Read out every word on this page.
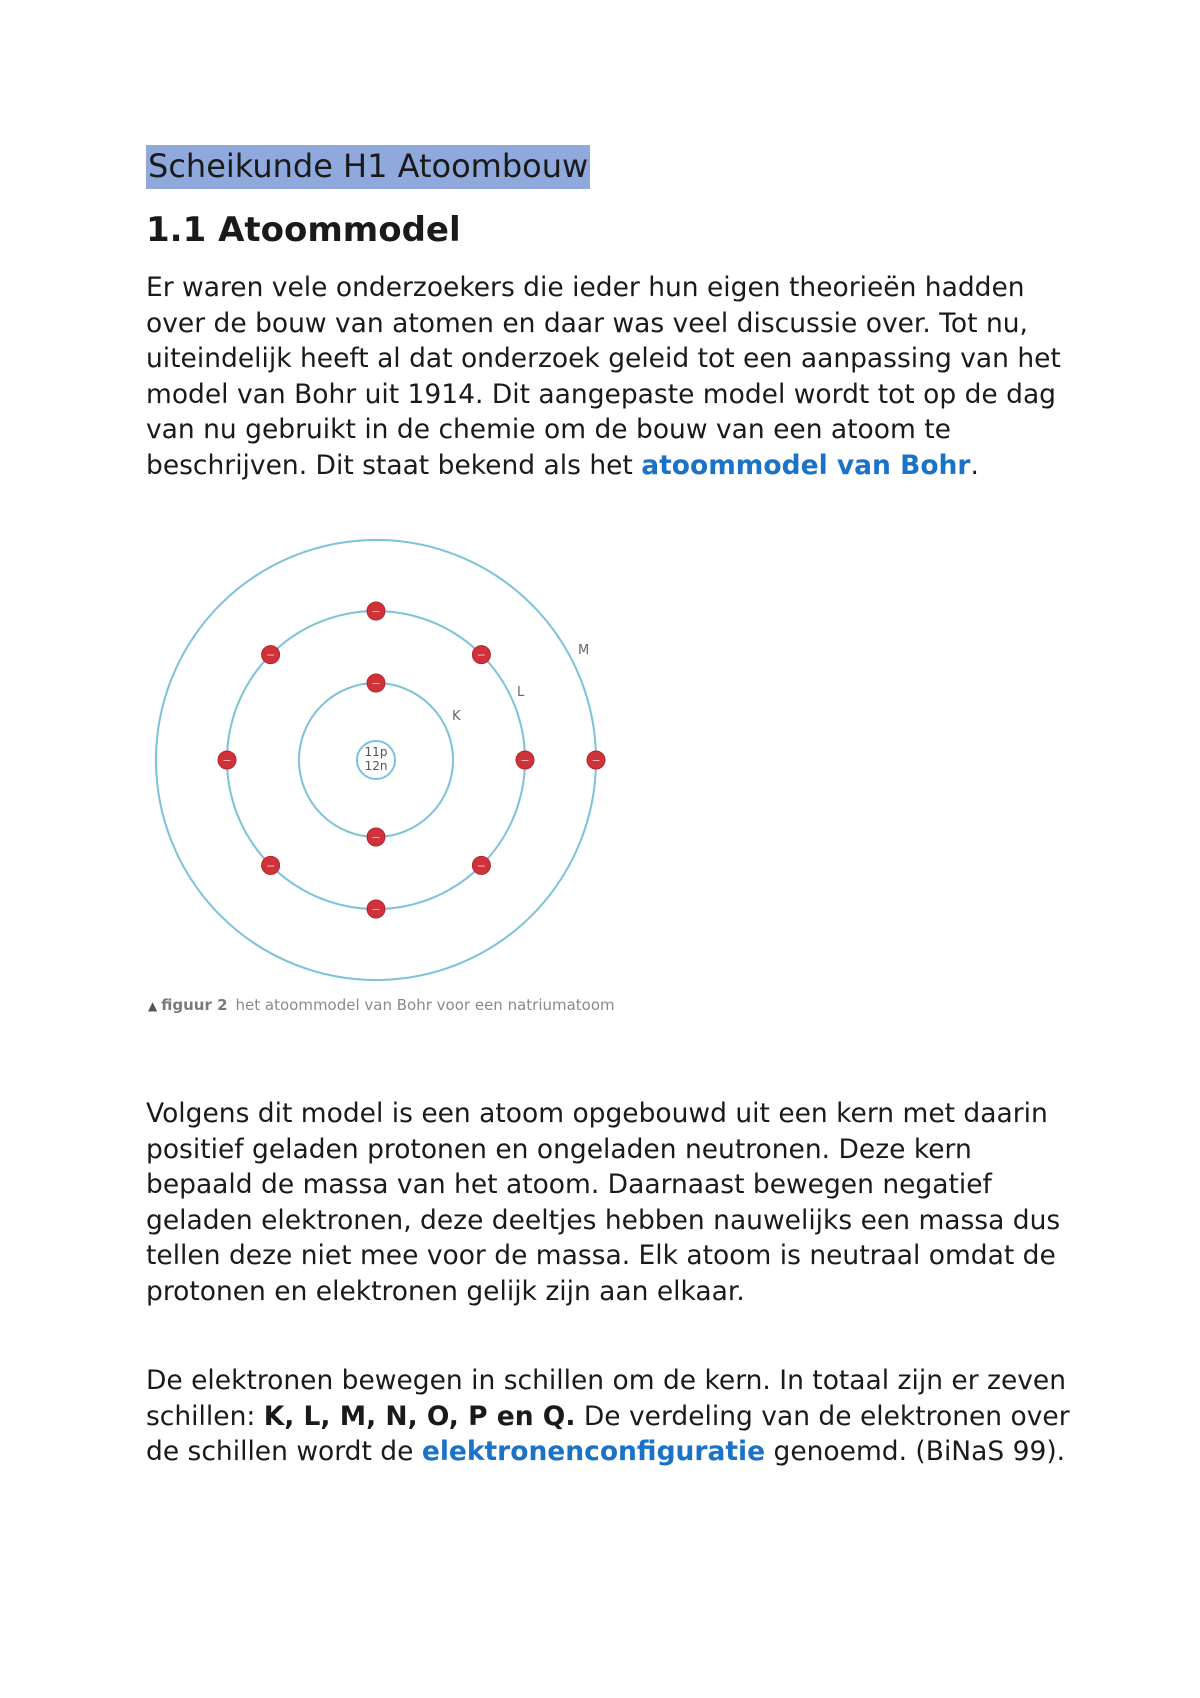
Scheikunde H1 Atoombouw
1.1 Atoommodel

Er waren vele onderzoekers die ieder hun eigen theorieën hadden over de bouw van atomen en daar was veel discussie over. Tot nu, uiteindelijk heeft al dat onderzoek geleid tot een aanpassing van het model van Bohr uit 1914. Dit aangepaste model wordt tot op de dag van nu gebruikt in de chemie om de bouw van een atoom te beschrijven. Dit staat bekend als het atoommodel van Bohr.

−
−
−
−
−
−
−
−
−
−
−
11p
12n
K
L
M
▲ figuur 2 het atoommodel van Bohr voor een natriumatoom

Volgens dit model is een atoom opgebouwd uit een kern met daarin positief geladen protonen en ongeladen neutronen. Deze kern bepaald de massa van het atoom. Daarnaast bewegen negatief geladen elektronen, deze deeltjes hebben nauwelijks een massa dus tellen deze niet mee voor de massa. Elk atoom is neutraal omdat de protonen en elektronen gelijk zijn aan elkaar.

De elektronen bewegen in schillen om de kern. In totaal zijn er zeven schillen: K, L, M, N, O, P en Q. De verdeling van de elektronen over de schillen wordt de elektronenconfiguratie genoemd. (BiNaS 99).
